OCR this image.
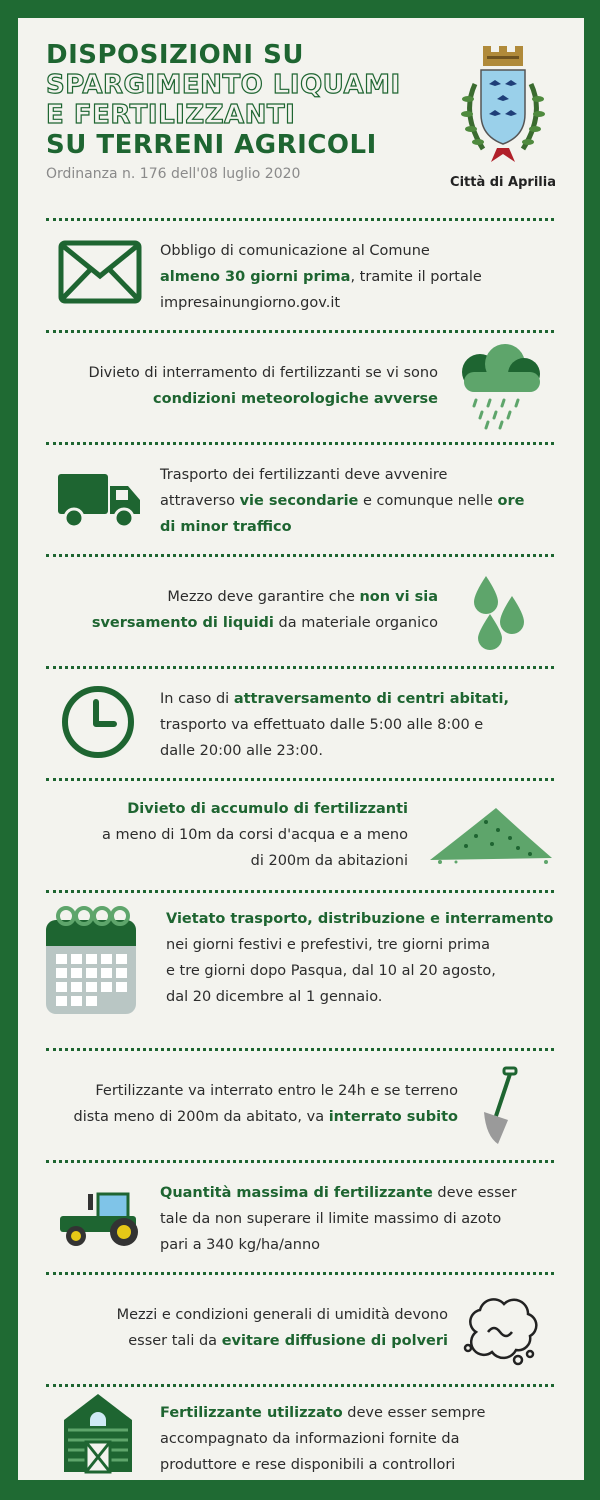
DISPOSIZIONI SU
SPARGIMENTO LIQUAMI
E FERTILIZZANTI
SU TERRENI AGRICOLI
Ordinanza n. 176 dell'08 luglio 2020
Città di Aprilia
Obbligo di comunicazione al Comune
almeno 30 giorni prima, tramite il portale
impresainungiorno.gov.it
Divieto di interramento di fertilizzanti se vi sono
condizioni meteorologiche avverse
Trasporto dei fertilizzanti deve avvenire
attraverso vie secondarie e comunque nelle ore
di minor traffico
Mezzo deve garantire che non vi sia
sversamento di liquidi da materiale organico
In caso di attraversamento di centri abitati,
trasporto va effettuato dalle 5:00 alle 8:00 e
dalle 20:00 alle 23:00.
Divieto di accumulo di fertilizzanti
a meno di 10m da corsi d'acqua e a meno
di 200m da abitazioni
Vietato trasporto, distribuzione e interramento
nei giorni festivi e prefestivi, tre giorni prima
e tre giorni dopo Pasqua, dal 10 al 20 agosto,
dal 20 dicembre al 1 gennaio.
Fertilizzante va interrato entro le 24h e se terreno
dista meno di 200m da abitato, va interrato subito
Quantità massima di fertilizzante deve esser
tale da non superare il limite massimo di azoto
pari a 340 kg/ha/anno
Mezzi e condizioni generali di umidità devono
esser tali da evitare diffusione di polveri
Fertilizzante utilizzato deve esser sempre
accompagnato da informazioni fornite da
produttore e rese disponibili a controllori
